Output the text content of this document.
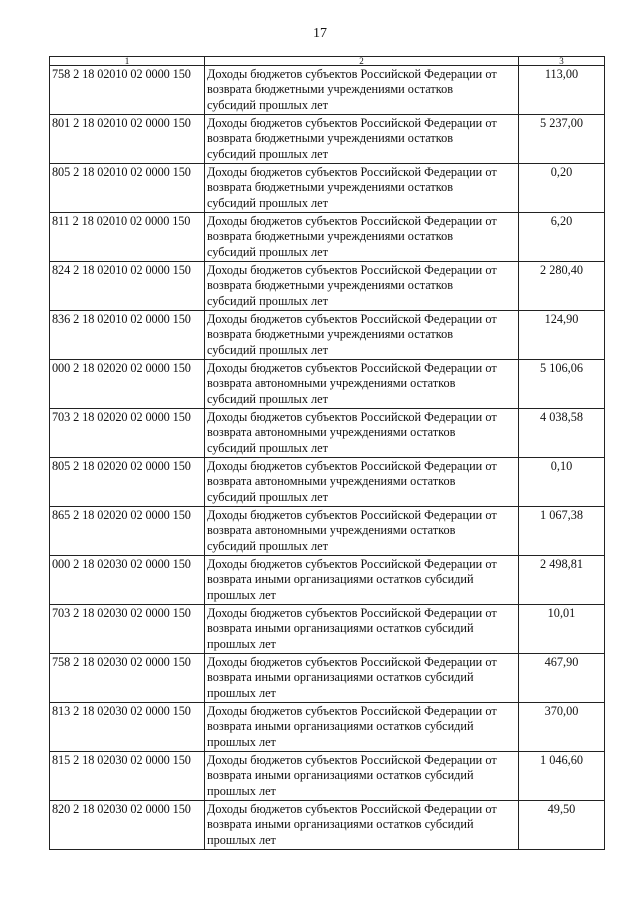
17
1	2	3
758 2 18 02010 02 0000 150	Доходы бюджетов субъектов Российской Федерации от
возврата бюджетными учреждениями остатков
субсидий прошлых лет	113,00
801 2 18 02010 02 0000 150	Доходы бюджетов субъектов Российской Федерации от
возврата бюджетными учреждениями остатков
субсидий прошлых лет	5 237,00
805 2 18 02010 02 0000 150	Доходы бюджетов субъектов Российской Федерации от
возврата бюджетными учреждениями остатков
субсидий прошлых лет	0,20
811 2 18 02010 02 0000 150	Доходы бюджетов субъектов Российской Федерации от
возврата бюджетными учреждениями остатков
субсидий прошлых лет	6,20
824 2 18 02010 02 0000 150	Доходы бюджетов субъектов Российской Федерации от
возврата бюджетными учреждениями остатков
субсидий прошлых лет	2 280,40
836 2 18 02010 02 0000 150	Доходы бюджетов субъектов Российской Федерации от
возврата бюджетными учреждениями остатков
субсидий прошлых лет	124,90
000 2 18 02020 02 0000 150	Доходы бюджетов субъектов Российской Федерации от
возврата автономными учреждениями остатков
субсидий прошлых лет	5 106,06
703 2 18 02020 02 0000 150	Доходы бюджетов субъектов Российской Федерации от
возврата автономными учреждениями остатков
субсидий прошлых лет	4 038,58
805 2 18 02020 02 0000 150	Доходы бюджетов субъектов Российской Федерации от
возврата автономными учреждениями остатков
субсидий прошлых лет	0,10
865 2 18 02020 02 0000 150	Доходы бюджетов субъектов Российской Федерации от
возврата автономными учреждениями остатков
субсидий прошлых лет	1 067,38
000 2 18 02030 02 0000 150	Доходы бюджетов субъектов Российской Федерации от
возврата иными организациями остатков субсидий
прошлых лет	2 498,81
703 2 18 02030 02 0000 150	Доходы бюджетов субъектов Российской Федерации от
возврата иными организациями остатков субсидий
прошлых лет	10,01
758 2 18 02030 02 0000 150	Доходы бюджетов субъектов Российской Федерации от
возврата иными организациями остатков субсидий
прошлых лет	467,90
813 2 18 02030 02 0000 150	Доходы бюджетов субъектов Российской Федерации от
возврата иными организациями остатков субсидий
прошлых лет	370,00
815 2 18 02030 02 0000 150	Доходы бюджетов субъектов Российской Федерации от
возврата иными организациями остатков субсидий
прошлых лет	1 046,60
820 2 18 02030 02 0000 150	Доходы бюджетов субъектов Российской Федерации от
возврата иными организациями остатков субсидий
прошлых лет	49,50
